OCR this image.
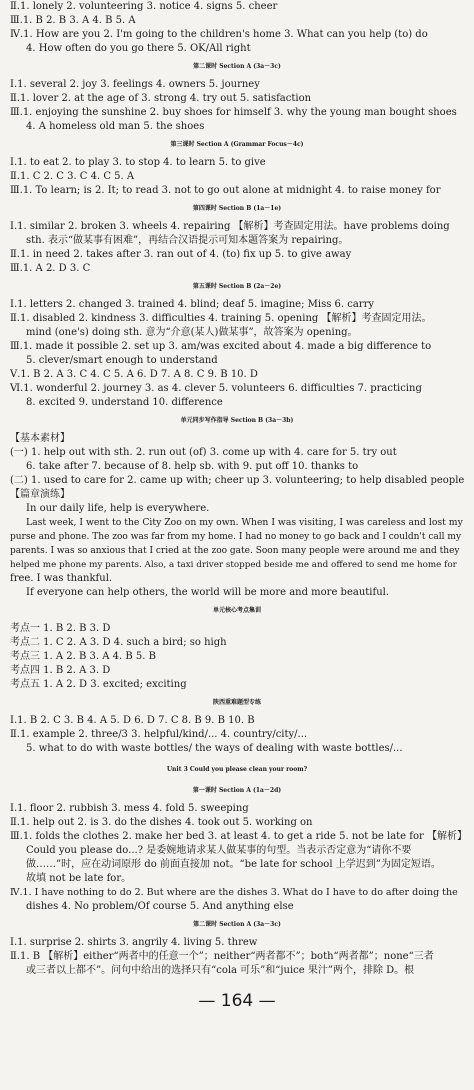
Ⅱ.1. lonely 2. volunteering 3. notice 4. signs 5. cheer
Ⅲ.1. B 2. B 3. A 4. B 5. A
Ⅳ.1. How are you 2. I'm going to the children's home 3. What can you help (to) do
4. How often do you go there 5. OK/All right
第二课时 Section A (3a－3c)
Ⅰ.1. several 2. joy 3. feelings 4. owners 5. journey
Ⅱ.1. lover 2. at the age of 3. strong 4. try out 5. satisfaction
Ⅲ.1. enjoying the sunshine 2. buy shoes for himself 3. why the young man bought shoes
4. A homeless old man 5. the shoes
第三课时 Section A (Grammar Focus－4c)
Ⅰ.1. to eat 2. to play 3. to stop 4. to learn 5. to give
Ⅱ.1. C 2. C 3. C 4. C 5. A
Ⅲ.1. To learn; is 2. It; to read 3. not to go out alone at midnight 4. to raise money for
第四课时 Section B (1a－1e)
Ⅰ.1. similar 2. broken 3. wheels 4. repairing 【解析】考查固定用法。have problems doing
sth. 表示“做某事有困难”，再结合汉语提示可知本题答案为 repairing。
Ⅱ.1. in need 2. takes after 3. ran out of 4. (to) fix up 5. to give away
Ⅲ.1. A 2. D 3. C
第五课时 Section B (2a－2e)
Ⅰ.1. letters 2. changed 3. trained 4. blind; deaf 5. imagine; Miss 6. carry
Ⅱ.1. disabled 2. kindness 3. difficulties 4. training 5. opening 【解析】考查固定用法。
mind (one's) doing sth. 意为“介意(某人)做某事”，故答案为 opening。
Ⅲ.1. made it possible 2. set up 3. am/was excited about 4. made a big difference to
5. clever/smart enough to understand
Ⅴ.1. B 2. A 3. C 4. C 5. A 6. D 7. A 8. C 9. B 10. D
Ⅵ.1. wonderful 2. journey 3. as 4. clever 5. volunteers 6. difficulties 7. practicing
8. excited 9. understand 10. difference
单元同步写作指导 Section B (3a－3b)
【基本素材】
(一) 1. help out with sth. 2. run out (of) 3. come up with 4. care for 5. try out
6. take after 7. because of 8. help sb. with 9. put off 10. thanks to
(二) 1. used to care for 2. came up with; cheer up 3. volunteering; to help disabled people
【篇章演练】
In our daily life, help is everywhere.
Last week, I went to the City Zoo on my own. When I was visiting, I was careless and lost my
purse and phone. The zoo was far from my home. I had no money to go back and I couldn't call my
parents. I was so anxious that I cried at the zoo gate. Soon many people were around me and they
helped me phone my parents. Also, a taxi driver stopped beside me and offered to send me home for
free. I was thankful.
If everyone can help others, the world will be more and more beautiful.
单元核心考点集训
考点一 1. B 2. B 3. D
考点二 1. C 2. A 3. D 4. such a bird; so high
考点三 1. A 2. B 3. A 4. B 5. B
考点四 1. B 2. A 3. D
考点五 1. A 2. D 3. excited; exciting
陕西重难题型专练
Ⅰ.1. B 2. C 3. B 4. A 5. D 6. D 7. C 8. B 9. B 10. B
Ⅱ.1. example 2. three/3 3. helpful/kind/... 4. country/city/...
5. what to do with waste bottles/ the ways of dealing with waste bottles/...
Unit 3 Could you please clean your room?
第一课时 Section A (1a－2d)
Ⅰ.1. floor 2. rubbish 3. mess 4. fold 5. sweeping
Ⅱ.1. help out 2. is 3. do the dishes 4. took out 5. working on
Ⅲ.1. folds the clothes 2. make her bed 3. at least 4. to get a ride 5. not be late for 【解析】
Could you please do...? 是委婉地请求某人做某事的句型。当表示否定意为“请你不要
做……”时，应在动词原形 do 前面直接加 not。“be late for school 上学迟到”为固定短语。
故填 not be late for。
Ⅳ.1. I have nothing to do 2. But where are the dishes 3. What do I have to do after doing the
dishes 4. No problem/Of course 5. And anything else
第二课时 Section A (3a－3c)
Ⅰ.1. surprise 2. shirts 3. angrily 4. living 5. threw
Ⅱ.1. B 【解析】either“两者中的任意一个”；neither“两者都不”；both“两者都”；none“三者
或三者以上都不”。问句中给出的选择只有“cola 可乐”和“juice 果汁”两个，排除 D。根
— 164 —
